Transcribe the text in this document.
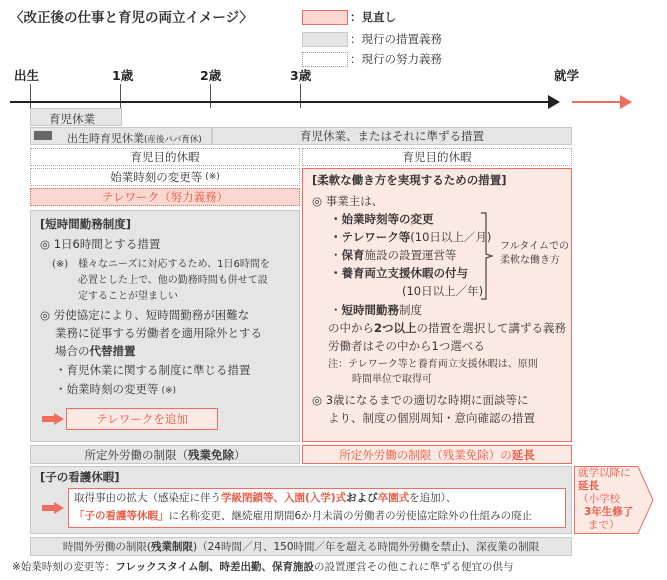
〈改正後の仕事と育児の両立イメージ〉	：見直し
：現行の措置義務
：現行の努力義務
出生	1歳	2歳	3歳	就学
育児休業
出生時育児休業(産後パパ育休)	育児休業、またはそれに準ずる措置
育児目的休暇	育児目的休暇
始業時刻の変更等 (※)
テレワーク（努力義務）
[短時間勤務制度]
◎ 1日6時間とする措置
(※) 様々なニーズに対応するため、1日6時間を
必置とした上で、他の勤務時間も併せて設
定することが望ましい
◎ 労使協定により、短時間勤務が困難な
業務に従事する労働者を適用除外とする
場合の代替措置
・育児休業に関する制度に準じる措置
・始業時刻の変更等 (※)
テレワークを追加
[柔軟な働き方を実現するための措置]
◎ 事業主は、
・始業時刻等の変更
・テレワーク等(10日以上／月)
・保育施設の設置運営等
・養育両立支援休暇の付与
(10日以上／年)
フルタイムでの
柔軟な働き方
・短時間勤務制度
の中から2つ以上の措置を選択して講ずる義務
労働者はその中から1つ選べる
注：テレワーク等と養育両立支援休暇は、原則
時間単位で取得可
◎ 3歳になるまでの適切な時期に面談等に
より、制度の個別周知・意向確認の措置
所定外労働の制限（ 残業免除 ）	所定外労働の制限（残業免除）の 延長
[子の看護休暇]
取得事由の拡大（感染症に伴う学級閉鎖等、入園(入学)式および卒園式を追加）、
「子の看護等休暇」に名称変更、継続雇用期間6か月未満の労働者の労使協定除外の仕組みの廃止
就学以降に
延長
（小学校
3年生修了
まで）
時間外労働の制限( 残業制限 )（24時間／月、150時間／年を超える時間外労働を禁止)、深夜業の制限
※始業時刻の変更等：フレックスタイム制、時差出勤、保育施設の設置運営その他これに準ずる便宜の供与
